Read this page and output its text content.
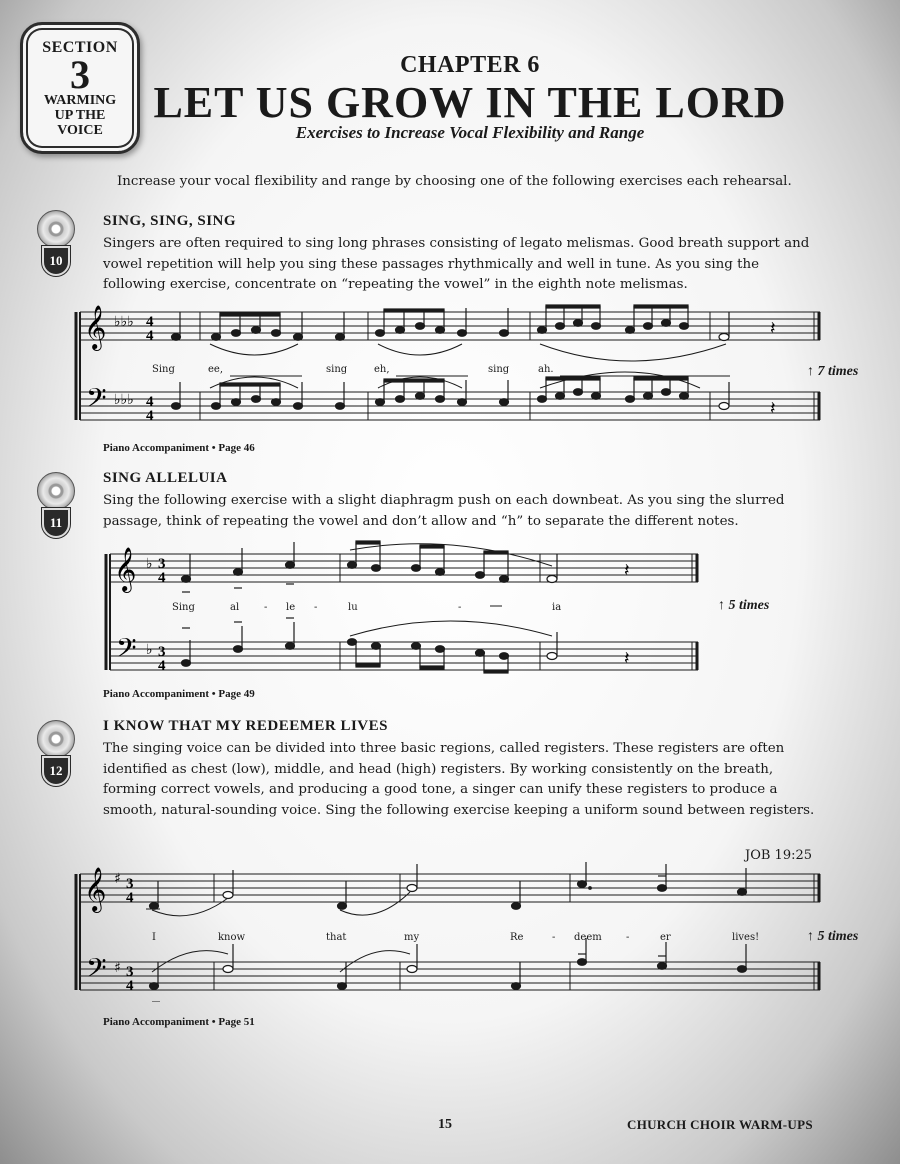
SECTION
3
WARMING
UP THE
VOICE
CHAPTER 6
LET US GROW IN THE LORD
Exercises to Increase Vocal Flexibility and Range
Increase your vocal flexibility and range by choosing one of the following exercises each rehearsal.
10
SING, SING, SING
Singers are often required to sing long phrases consisting of legato melismas. Good breath support and vowel repetition will help you sing these passages rhythmically and well in tune. As you sing the following exercise, concentrate on “repeating the vowel” in the eighth note melismas.
𝄞
𝄢
♭♭♭
♭♭♭
4
4
4
4
𝄽
𝄽
Sing	ee,	sing	eh,	sing	ah.	↑ 7 times
Piano Accompaniment • Page 46
11
SING ALLELUIA
Sing the following exercise with a slight diaphragm push on each downbeat. As you sing the slurred passage, think of repeating the vowel and don’t allow and “h” to separate the different notes.
𝄞
𝄢
♭
♭
3
4
3
4
𝄽
𝄽
Sing	al - le -	lu	-	ia	↑ 5 times
Piano Accompaniment • Page 49
12
I KNOW THAT MY REDEEMER LIVES
The singing voice can be divided into three basic regions, called registers. These registers are often identified as chest (low), middle, and head (high) registers. By working consistently on the breath, forming correct vowels, and producing a good tone, a singer can unify these registers to produce a smooth, natural-sounding voice. Sing the following exercise keeping a uniform sound between registers.
JOB 19:25
𝄞
𝄢
♯
♯
3
4
3
4
I	know	that	my	Re	- deem -	er	lives!	↑ 5 times
Piano Accompaniment • Page 51
15	CHURCH CHOIR WARM-UPS
